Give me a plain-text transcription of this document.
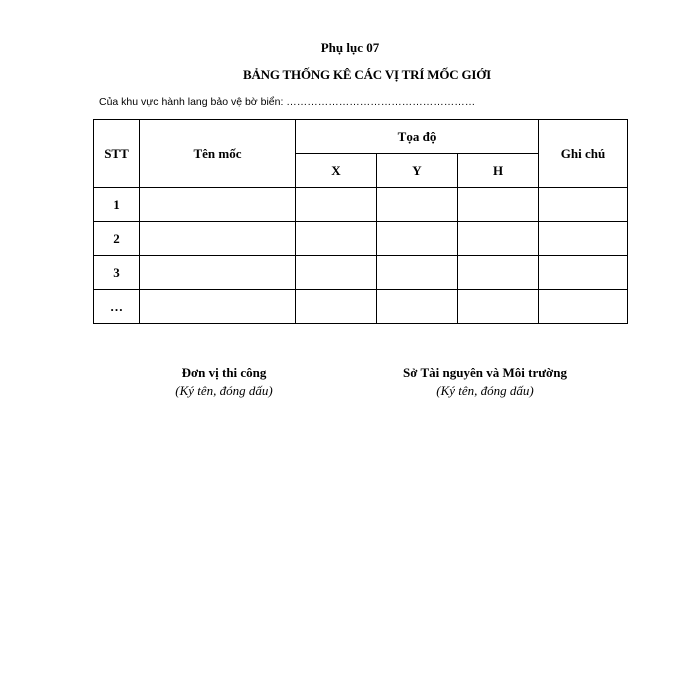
Phụ lục 07
BẢNG THỐNG KÊ CÁC VỊ TRÍ MỐC GIỚI
Của khu vực hành lang bảo vệ bờ biển: ………………………………………………
STT	Tên mốc	Tọa độ			Ghi chú
		X	Y	H	
1					
2					
3					
…					
Đơn vị thi công
(Ký tên, đóng dấu)
Sở Tài nguyên và Môi trường
(Ký tên, đóng dấu)
